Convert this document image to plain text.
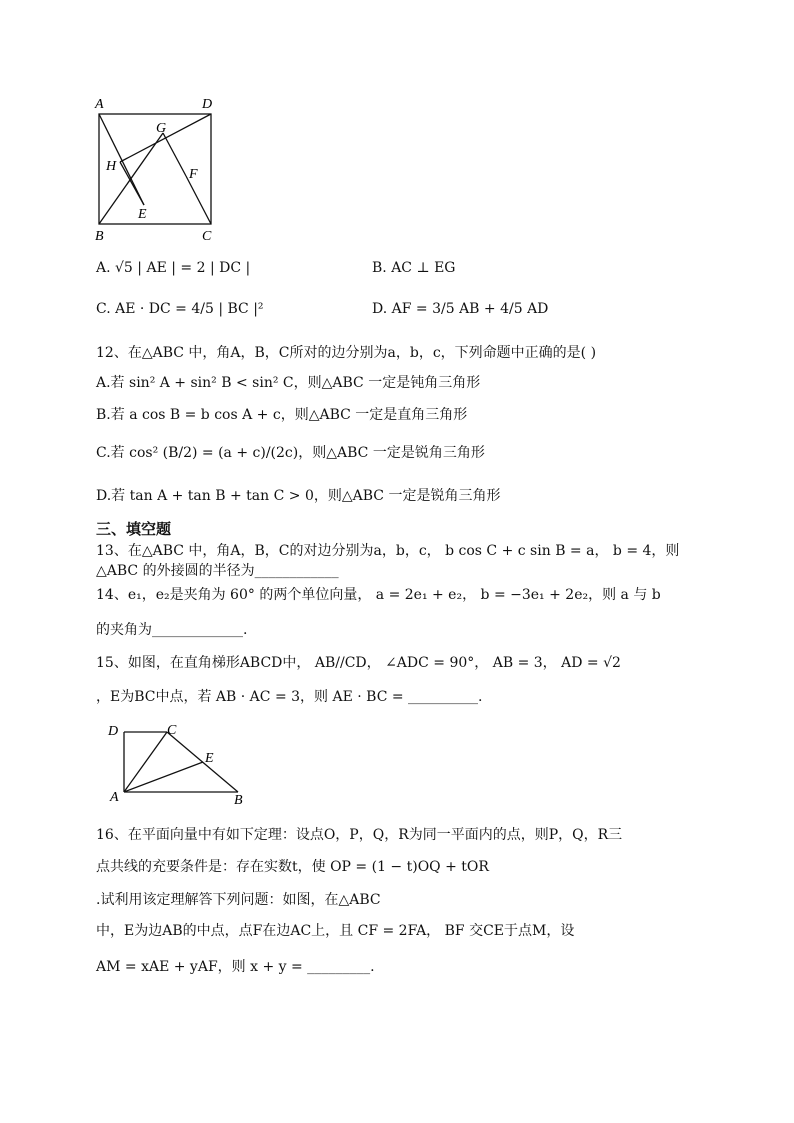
A	D
G
H
F
E
B	C
A. √5 | AE | = 2 | DC |	B. AC ⊥ EG
C. AE · DC = 4/5 | BC |²	D. AF = 3/5 AB + 4/5 AD
12、在△ABC 中，角A，B，C所对的边分别为a，b，c，下列命题中正确的是( )
A.若 sin² A + sin² B < sin² C，则△ABC 一定是钝角三角形
B.若 a cos B = b cos A + c，则△ABC 一定是直角三角形
C.若 cos² (B/2) = (a + c)/(2c)，则△ABC 一定是锐角三角形
D.若 tan A + tan B + tan C > 0，则△ABC 一定是锐角三角形
三、填空题
13、在△ABC 中，角A，B，C的对边分别为a，b，c， b cos C + c sin B = a， b = 4，则
△ABC 的外接圆的半径为____________
14、e₁，e₂是夹角为 60° 的两个单位向量， a = 2e₁ + e₂， b = −3e₁ + 2e₂，则 a 与 b
的夹角为_____________.
15、如图，在直角梯形ABCD中， AB//CD， ∠ADC = 90°， AB = 3， AD = √2
，E为BC中点，若 AB · AC = 3，则 AE · BC = __________.
D	C
E
A	B
16、在平面向量中有如下定理：设点O，P，Q，R为同一平面内的点，则P，Q，R三
点共线的充要条件是：存在实数t，使 OP = (1 − t)OQ + tOR
.试利用该定理解答下列问题：如图，在△ABC
中，E为边AB的中点，点F在边AC上，且 CF = 2FA， BF 交CE于点M，设
AM = xAE + yAF，则 x + y = _________.
